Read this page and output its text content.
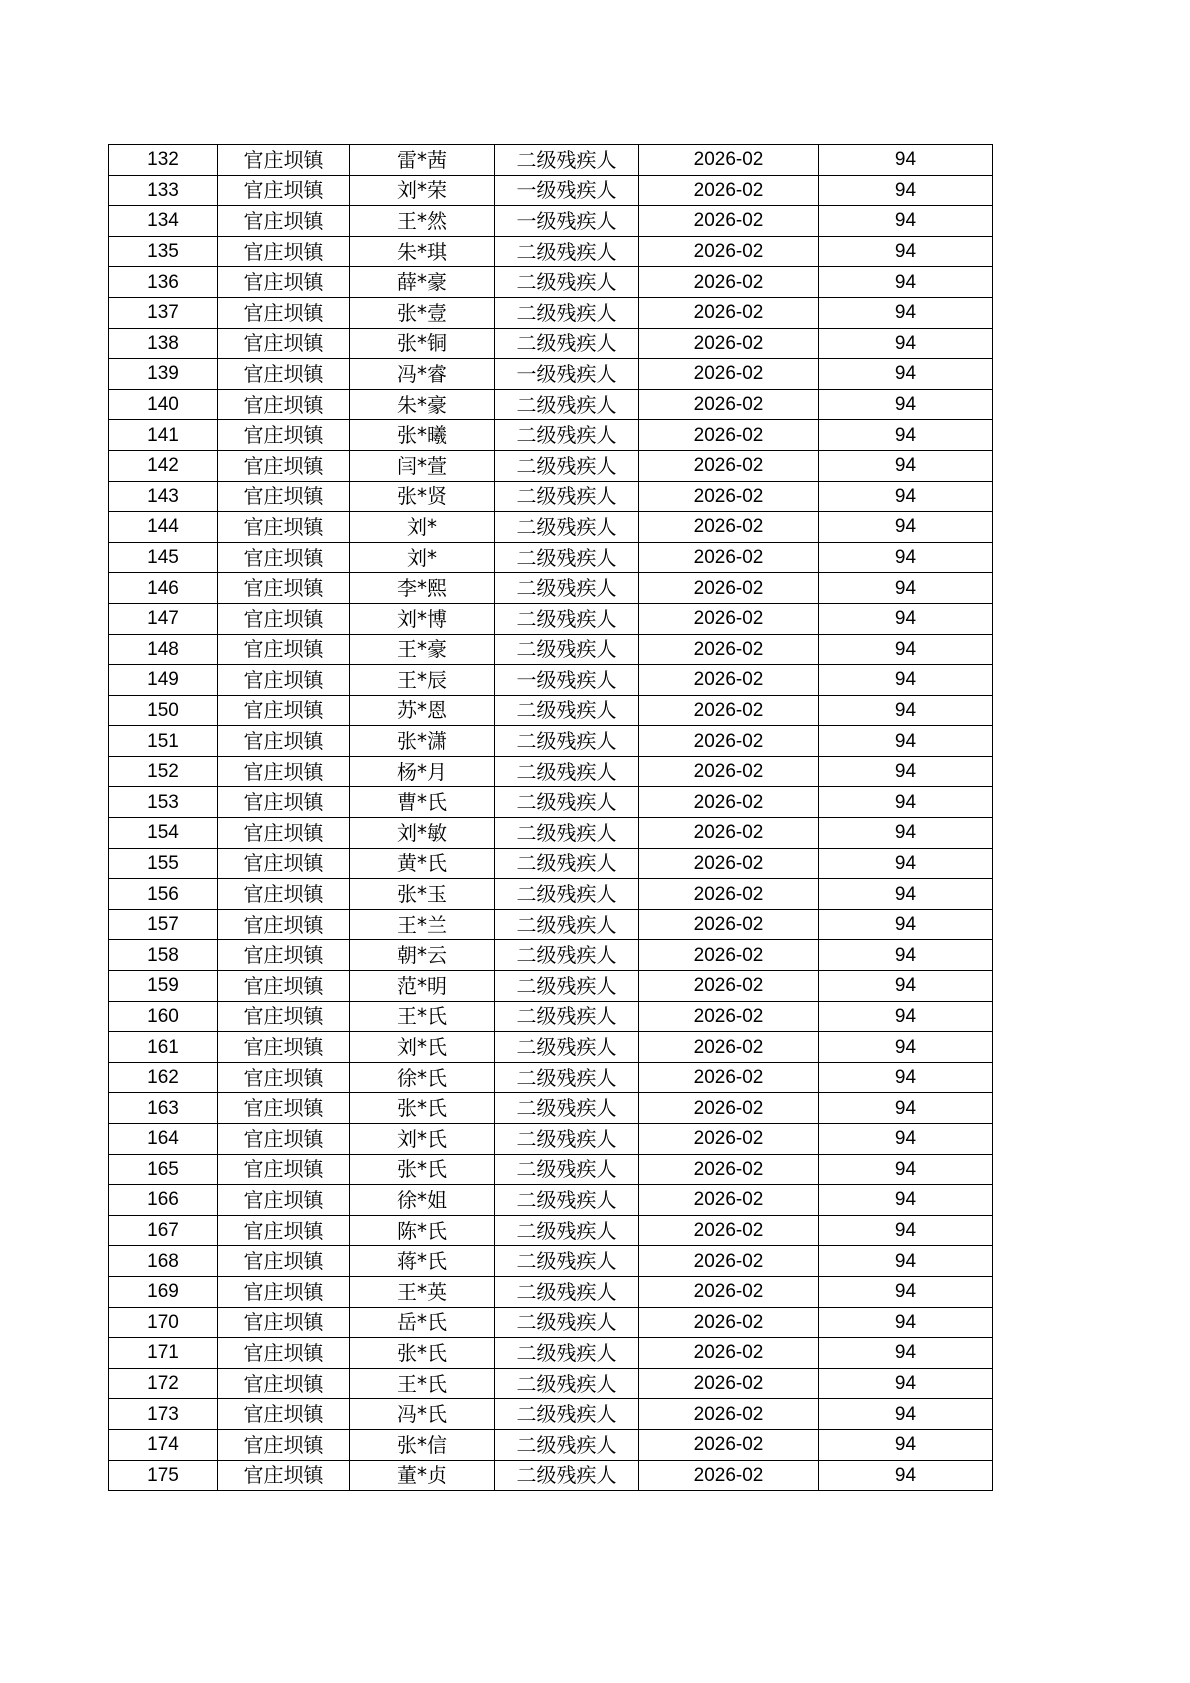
132	官庄坝镇	雷*茜	二级残疾人	2026-02	94
133	官庄坝镇	刘*荣	一级残疾人	2026-02	94
134	官庄坝镇	王*然	一级残疾人	2026-02	94
135	官庄坝镇	朱*琪	二级残疾人	2026-02	94
136	官庄坝镇	薛*豪	二级残疾人	2026-02	94
137	官庄坝镇	张*壹	二级残疾人	2026-02	94
138	官庄坝镇	张*铜	二级残疾人	2026-02	94
139	官庄坝镇	冯*睿	一级残疾人	2026-02	94
140	官庄坝镇	朱*豪	二级残疾人	2026-02	94
141	官庄坝镇	张*曦	二级残疾人	2026-02	94
142	官庄坝镇	闫*萱	二级残疾人	2026-02	94
143	官庄坝镇	张*贤	二级残疾人	2026-02	94
144	官庄坝镇	刘*	二级残疾人	2026-02	94
145	官庄坝镇	刘*	二级残疾人	2026-02	94
146	官庄坝镇	李*熙	二级残疾人	2026-02	94
147	官庄坝镇	刘*博	二级残疾人	2026-02	94
148	官庄坝镇	王*豪	二级残疾人	2026-02	94
149	官庄坝镇	王*辰	一级残疾人	2026-02	94
150	官庄坝镇	苏*恩	二级残疾人	2026-02	94
151	官庄坝镇	张*潇	二级残疾人	2026-02	94
152	官庄坝镇	杨*月	二级残疾人	2026-02	94
153	官庄坝镇	曹*氏	二级残疾人	2026-02	94
154	官庄坝镇	刘*敏	二级残疾人	2026-02	94
155	官庄坝镇	黄*氏	二级残疾人	2026-02	94
156	官庄坝镇	张*玉	二级残疾人	2026-02	94
157	官庄坝镇	王*兰	二级残疾人	2026-02	94
158	官庄坝镇	朝*云	二级残疾人	2026-02	94
159	官庄坝镇	范*明	二级残疾人	2026-02	94
160	官庄坝镇	王*氏	二级残疾人	2026-02	94
161	官庄坝镇	刘*氏	二级残疾人	2026-02	94
162	官庄坝镇	徐*氏	二级残疾人	2026-02	94
163	官庄坝镇	张*氏	二级残疾人	2026-02	94
164	官庄坝镇	刘*氏	二级残疾人	2026-02	94
165	官庄坝镇	张*氏	二级残疾人	2026-02	94
166	官庄坝镇	徐*姐	二级残疾人	2026-02	94
167	官庄坝镇	陈*氏	二级残疾人	2026-02	94
168	官庄坝镇	蒋*氏	二级残疾人	2026-02	94
169	官庄坝镇	王*英	二级残疾人	2026-02	94
170	官庄坝镇	岳*氏	二级残疾人	2026-02	94
171	官庄坝镇	张*氏	二级残疾人	2026-02	94
172	官庄坝镇	王*氏	二级残疾人	2026-02	94
173	官庄坝镇	冯*氏	二级残疾人	2026-02	94
174	官庄坝镇	张*信	二级残疾人	2026-02	94
175	官庄坝镇	董*贞	二级残疾人	2026-02	94
